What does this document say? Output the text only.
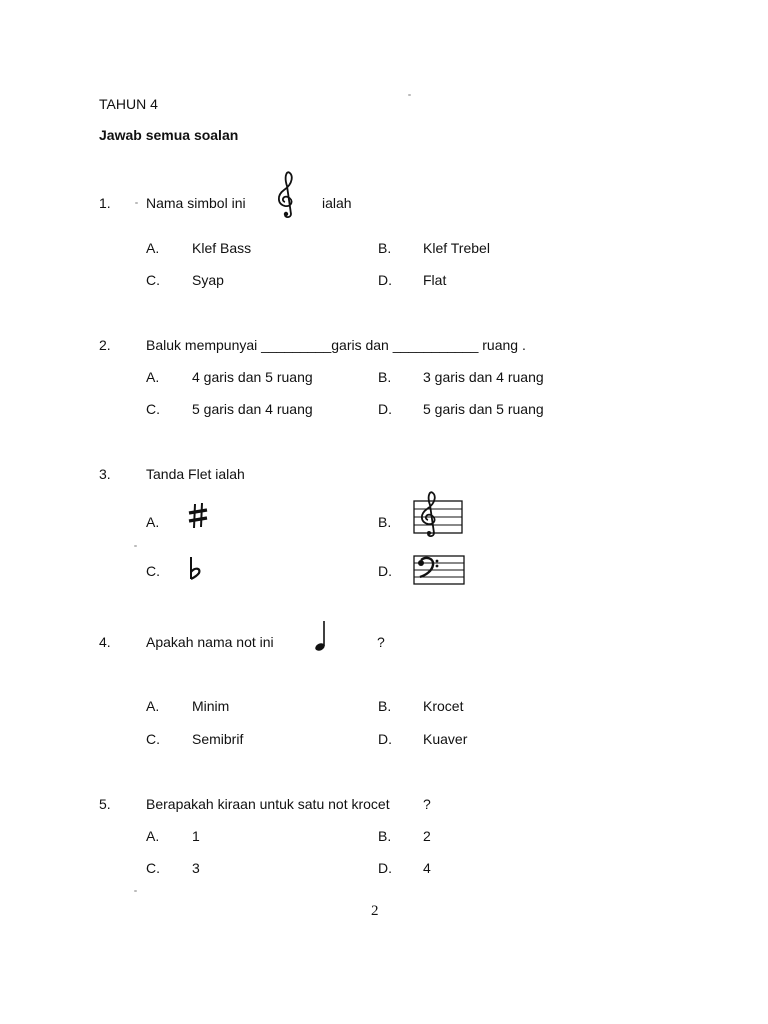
TAHUN 4
Jawab semua soalan
1.	Nama simbol ini	ialah
A. Klef Bass	B. Klef Trebel
C. Syap	D. Flat
2.	Baluk mempunyai _________garis dan ___________ ruang .
A. 4 garis dan 5 ruang	B. 3 garis dan 4 ruang
C. 5 garis dan 4 ruang	D. 5 garis dan 5 ruang
3.	Tanda Flet ialah
A.	B.
C.	D.
4.	Apakah nama not ini	?
A. Minim	B. Krocet
C. Semibrif	D. Kuaver
5.	Berapakah kiraan untuk satu not krocet ?
A. 1	B. 2
C. 3	D. 4
2
